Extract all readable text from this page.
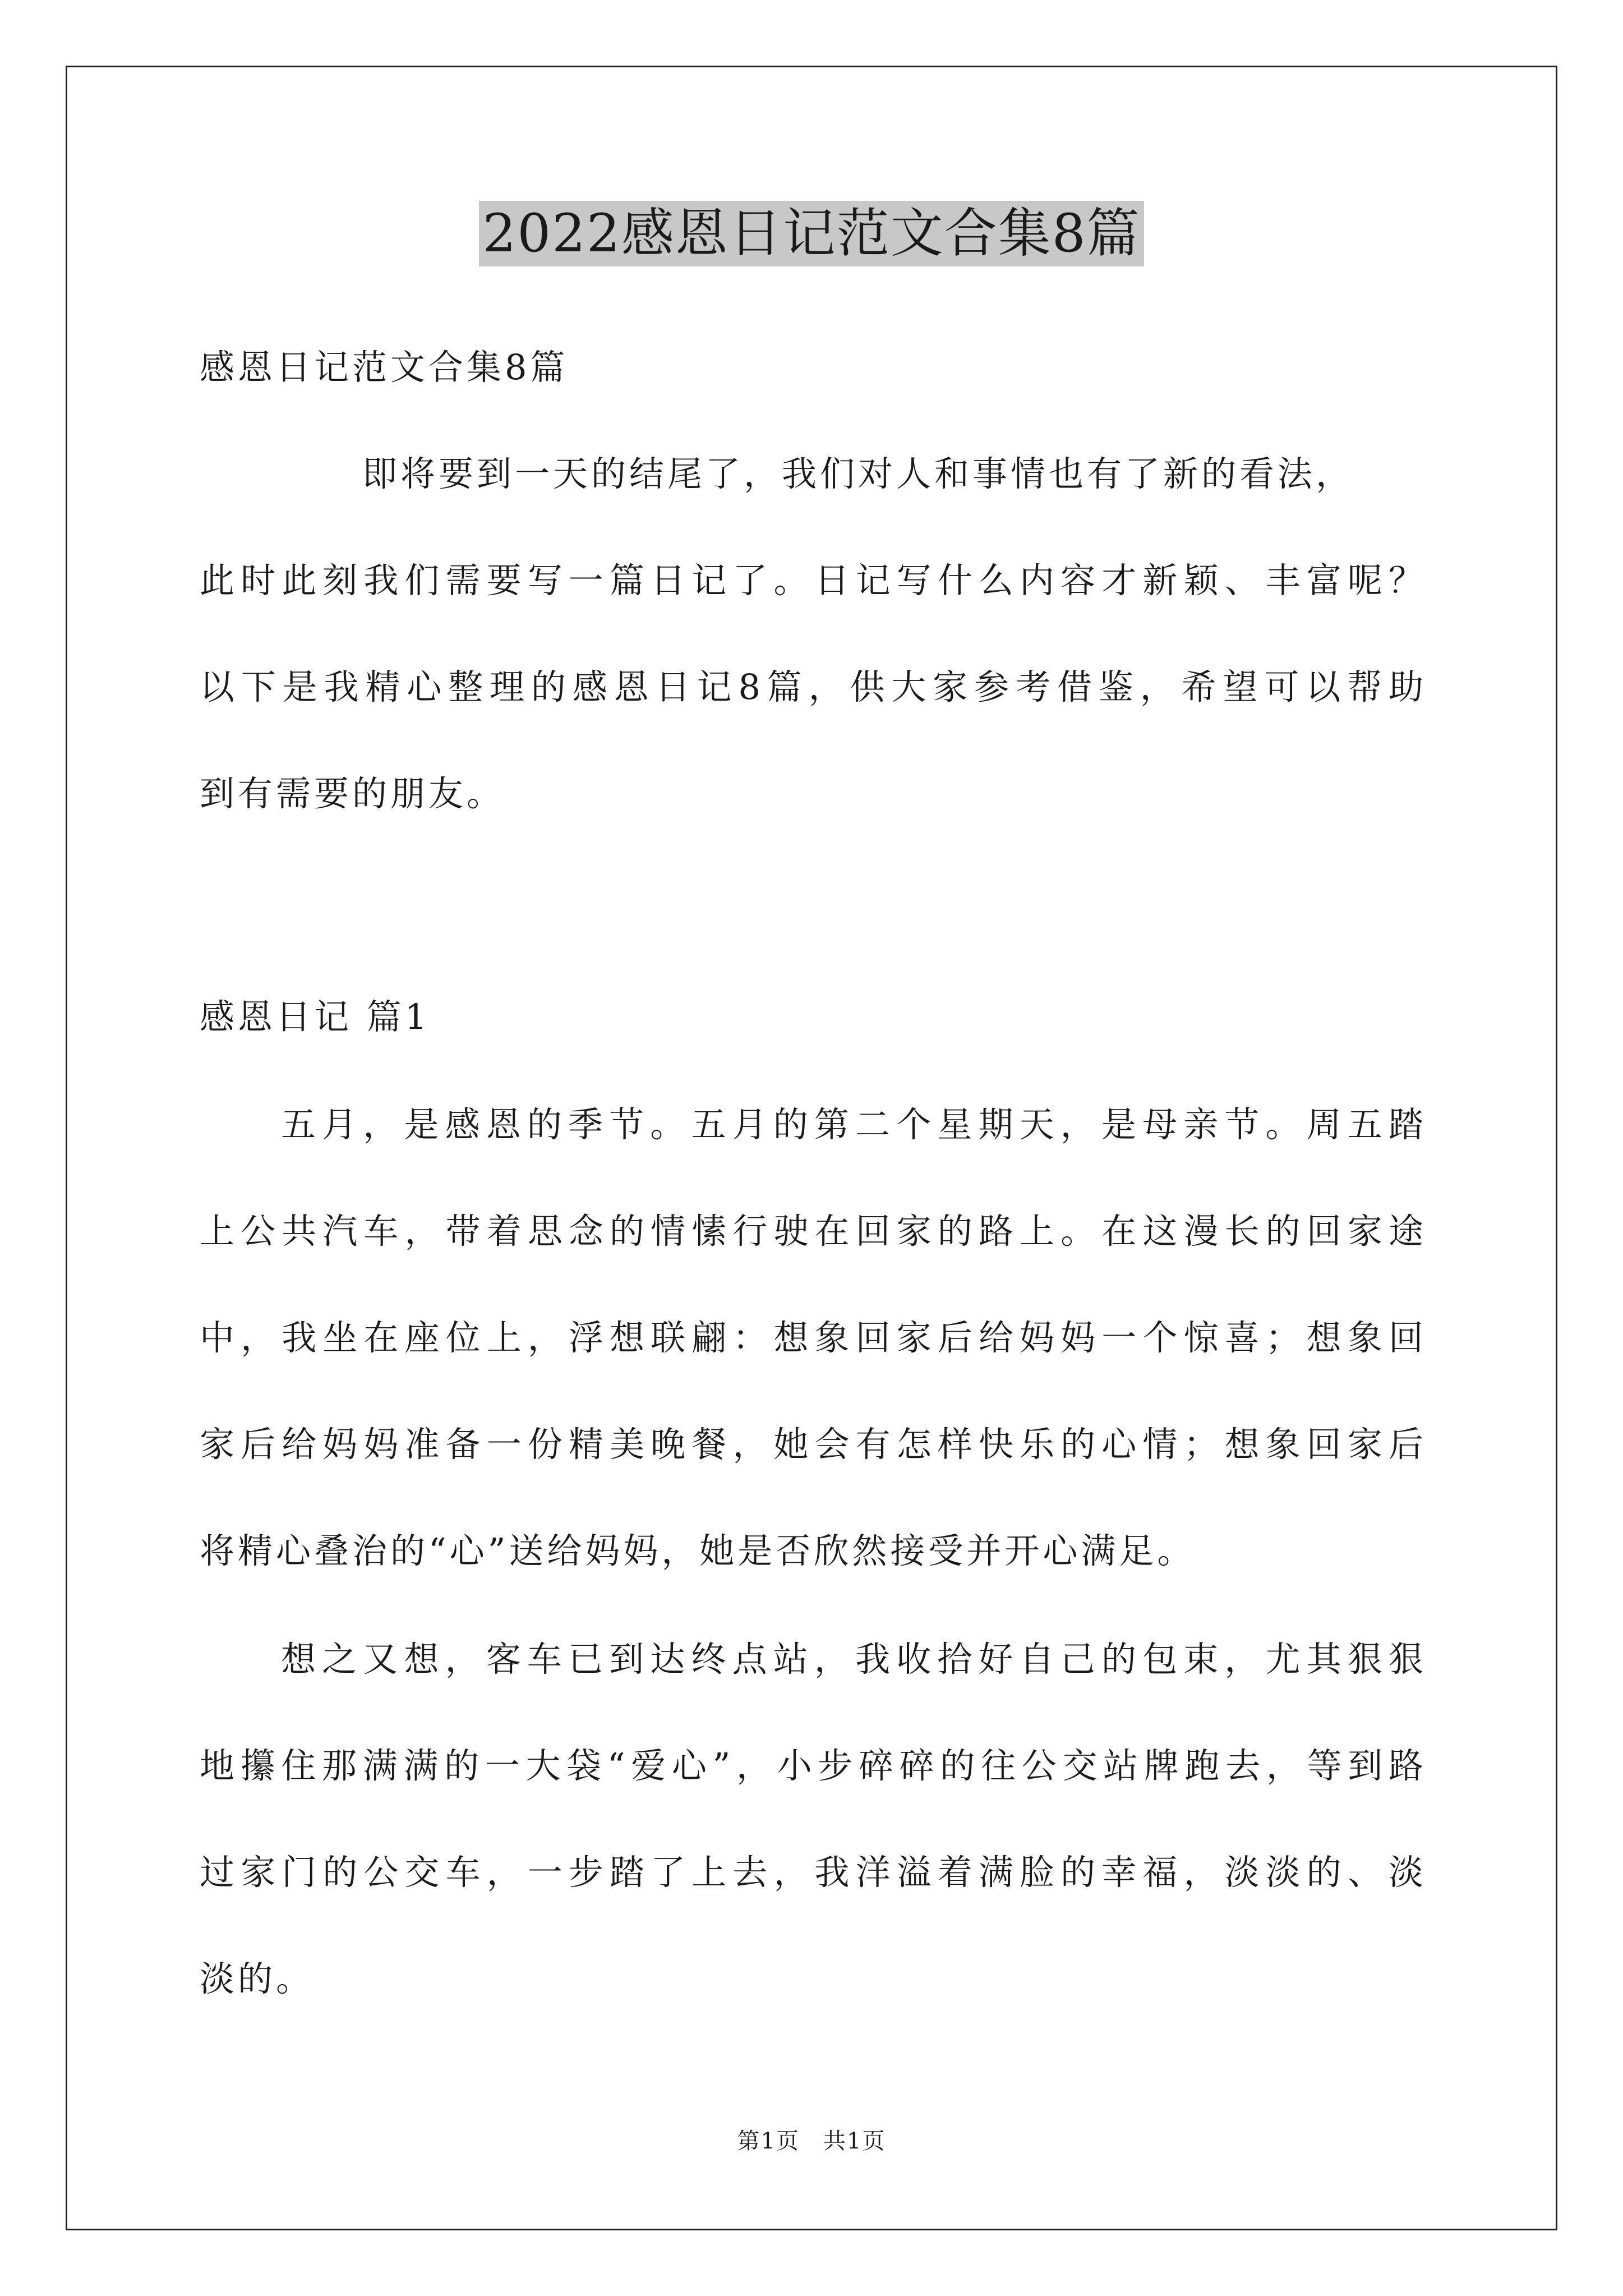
2022感恩日记范文合集8篇
感恩日记范文合集8篇
即将要到一天的结尾了，我们对人和事情也有了新的看法，
此时此刻我们需要写一篇日记了。日记写什么内容才新颖、丰富呢？
以下是我精心整理的感恩日记8篇，供大家参考借鉴，希望可以帮助
到有需要的朋友。
感恩日记 篇1
五月，是感恩的季节。五月的第二个星期天，是母亲节。周五踏
上公共汽车，带着思念的情愫行驶在回家的路上。在这漫长的回家途
中，我坐在座位上，浮想联翩：想象回家后给妈妈一个惊喜；想象回
家后给妈妈准备一份精美晚餐，她会有怎样快乐的心情；想象回家后
将精心叠治的“心”送给妈妈，她是否欣然接受并开心满足。
想之又想，客车已到达终点站，我收拾好自己的包束，尤其狠狠
地攥住那满满的一大袋“爱心”，小步碎碎的往公交站牌跑去，等到路
过家门的公交车，一步踏了上去，我洋溢着满脸的幸福，淡淡的、淡
淡的。
第1页　共1页
